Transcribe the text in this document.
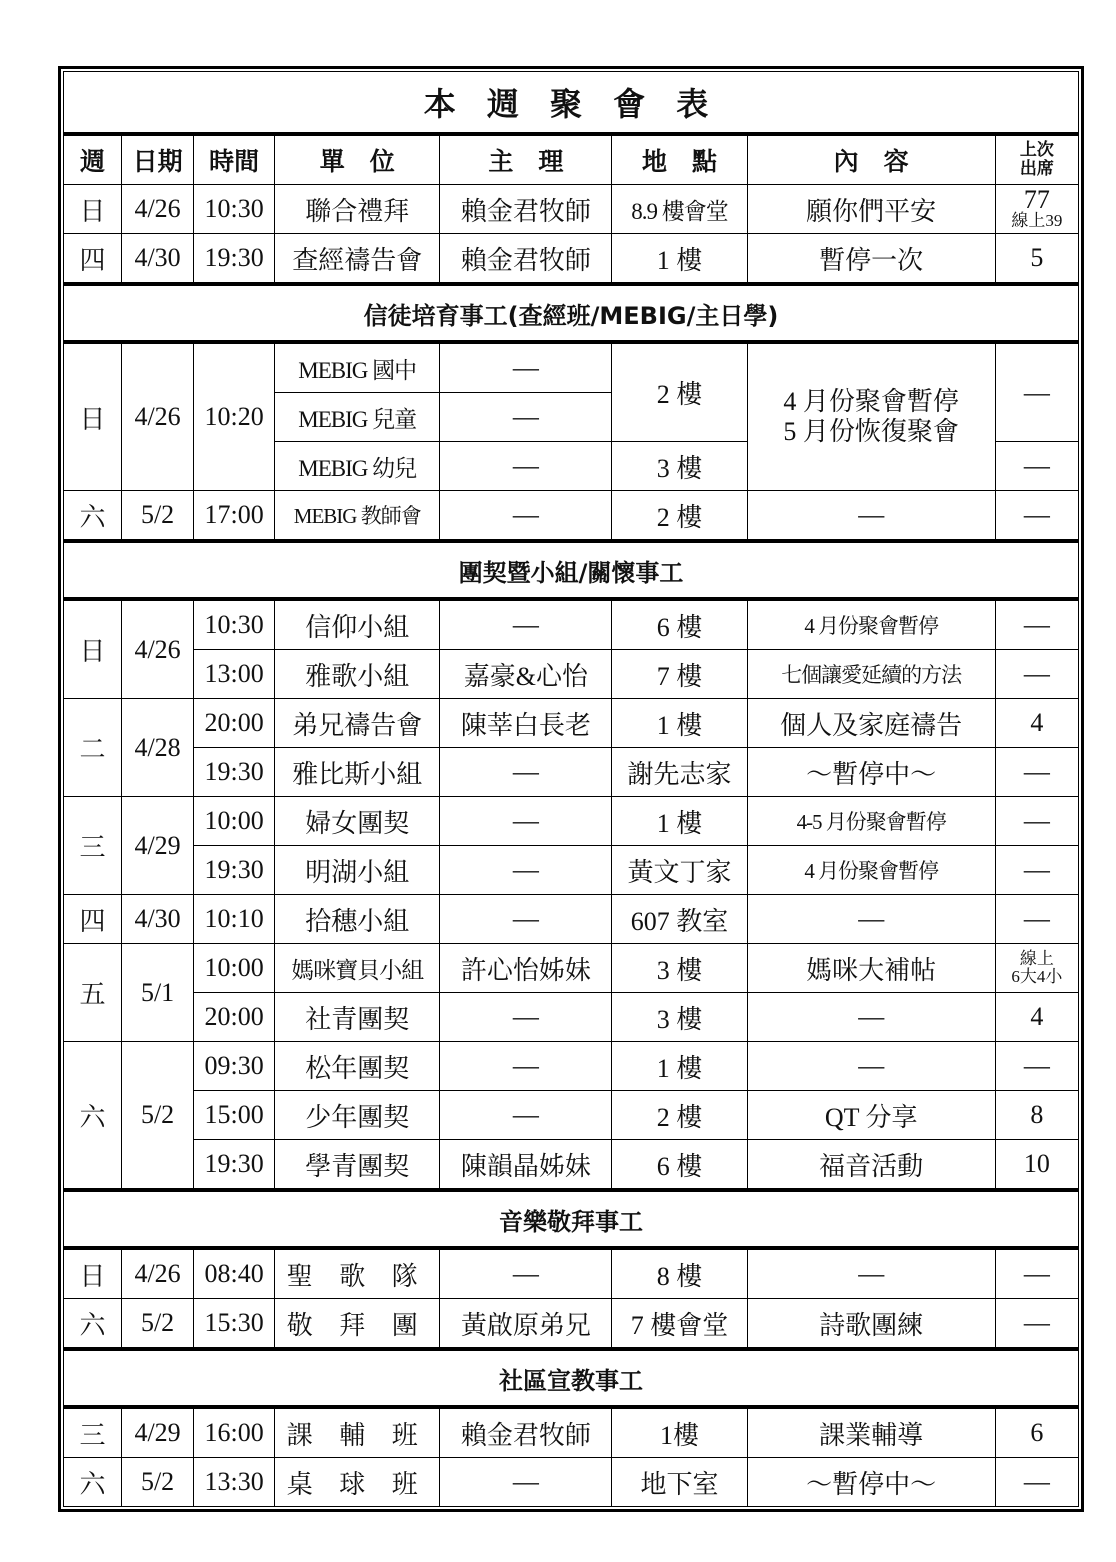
本 週 聚 會 表							
週	日期	時間	單　位	主　理	地　點	內　容	上次
出席
日	4/26	10:30	聯合禮拜	賴金君牧師	8.9 樓會堂	願你們平安	77
線上39

四	4/30	19:30	查經禱告會	賴金君牧師	1 樓	暫停一次	5
信徒培育事工(查經班/MEBIG/主日學)							
日	4/26	10:20	MEBIG 國中	—	2 樓	4 月份聚會暫停
5 月份恢復聚會	—
			MEBIG 兒童	—			
			MEBIG 幼兒	—	3 樓		—
六	5/2	17:00	MEBIG 教師會	—	2 樓	—	—
團契暨小組/關懷事工							
日	4/26	10:30	信仰小組	—	6 樓	4 月份聚會暫停	—
		13:00	雅歌小組	嘉豪&心怡	7 樓	七個讓愛延續的方法	—
二	4/28	20:00	弟兄禱告會	陳莘白長老	1 樓	個人及家庭禱告	4
		19:30	雅比斯小組	—	謝先志家	～暫停中～	—
三	4/29	10:00	婦女團契	—	1 樓	4-5 月份聚會暫停	—
		19:30	明湖小組	—	黃文丁家	4 月份聚會暫停	—
四	4/30	10:10	拾穗小組	—	607 教室	—	—
五	5/1	10:00	媽咪寶貝小組	許心怡姊妹	3 樓	媽咪大補帖	線上
6大4小

		20:00	社青團契	—	3 樓	—	4
六	5/2	09:30	松年團契	—	1 樓	—	—
		15:00	少年團契	—	2 樓	QT 分享	8
		19:30	學青團契	陳韻晶姊妹	6 樓	福音活動	10
音樂敬拜事工							
日	4/26	08:40	聖 歌 隊	—	8 樓	—	—
六	5/2	15:30	敬 拜 團	黃啟原弟兄	7 樓會堂	詩歌團練	—
社區宣教事工							
三	4/29	16:00	課 輔 班	賴金君牧師	1樓	課業輔導	6
六	5/2	13:30	桌 球 班	—	地下室	～暫停中～	—
